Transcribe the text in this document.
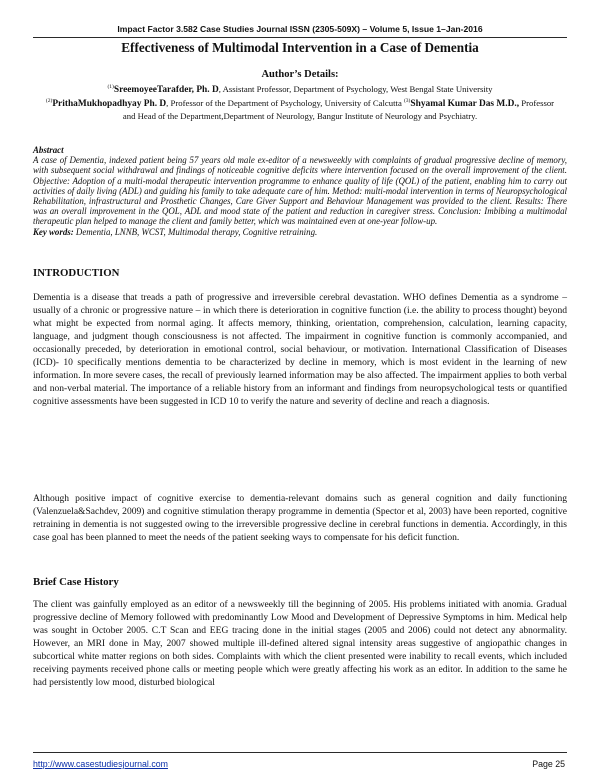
Impact Factor 3.582 Case Studies Journal ISSN (2305-509X) – Volume 5, Issue 1–Jan-2016
Effectiveness of Multimodal Intervention in a Case of Dementia
Author’s Details:
$^{(1)}$SreemoyeeTarafder, Ph. D, Assistant Professor, Department of Psychology, West Bengal State University
$^{(2)}$PrithaMukhopadhyay Ph. D, Professor of the Department of Psychology, University of Calcutta $^{(3)}$Shyamal Kumar Das M.D., Professor and Head of the Department,Department of Neurology, Bangur Institute of Neurology and Psychiatry.
Abstract
A case of Dementia, indexed patient being 57 years old male ex-editor of a newsweekly with complaints of gradual progressive decline of memory, with subsequent social withdrawal and findings of noticeable cognitive deficits where intervention focused on the overall improvement of the client. Objective: Adoption of a multi-modal therapeutic intervention programme to enhance quality of life (QOL) of the patient, enabling him to carry out activities of daily living (ADL) and guiding his family to take adequate care of him. Method: multi-modal intervention in terms of Neuropsychological Rehabilitation, infrastructural and Prosthetic Changes, Care Giver Support and Behaviour Management was provided to the client. Results: There was an overall improvement in the QOL, ADL and mood state of the patient and reduction in caregiver stress. Conclusion: Imbibing a multimodal therapeutic plan helped to manage the client and family better, which was maintained even at one-year follow-up.
Key words: Dementia, LNNB, WCST, Multimodal therapy, Cognitive retraining.
INTRODUCTION
Dementia is a disease that treads a path of progressive and irreversible cerebral devastation. WHO defines Dementia as a syndrome – usually of a chronic or progressive nature – in which there is deterioration in cognitive function (i.e. the ability to process thought) beyond what might be expected from normal aging. It affects memory, thinking, orientation, comprehension, calculation, learning capacity, language, and judgment though consciousness is not affected. The impairment in cognitive function is commonly accompanied, and occasionally preceded, by deterioration in emotional control, social behaviour, or motivation. International Classification of Diseases (ICD)- 10 specifically mentions dementia to be characterized by decline in memory, which is most evident in the learning of new information. In more severe cases, the recall of previously learned information may be also affected. The impairment applies to both verbal and non-verbal material. The importance of a reliable history from an informant and findings from neuropsychological tests or quantified cognitive assessments have been suggested in ICD 10 to verify the nature and severity of decline and reach a diagnosis.
Although positive impact of cognitive exercise to dementia-relevant domains such as general cognition and daily functioning (Valenzuela&Sachdev, 2009) and cognitive stimulation therapy programme in dementia (Spector et al, 2003) have been reported, cognitive retraining in dementia is not suggested owing to the irreversible progressive decline in cerebral functions in dementia. Accordingly, in this case goal has been planned to meet the needs of the patient seeking ways to compensate for his deficit function.
Brief Case History
The client was gainfully employed as an editor of a newsweekly till the beginning of 2005. His problems initiated with anomia. Gradual progressive decline of Memory followed with predominantly Low Mood and Development of Depressive Symptoms in him. Medical help was sought in October 2005. C.T Scan and EEG tracing done in the initial stages (2005 and 2006) could not detect any abnormality. However, an MRI done in May, 2007 showed multiple ill-defined altered signal intensity areas suggestive of angiopathic changes in subcortical white matter regions on both sides. Complaints with which the client presented were inability to recall events, which included receiving payments received phone calls or meeting people which were greatly affecting his work as an editor. In addition to the same he had persistently low mood, disturbed biological
http://www.casestudiesjournal.com	Page 25
